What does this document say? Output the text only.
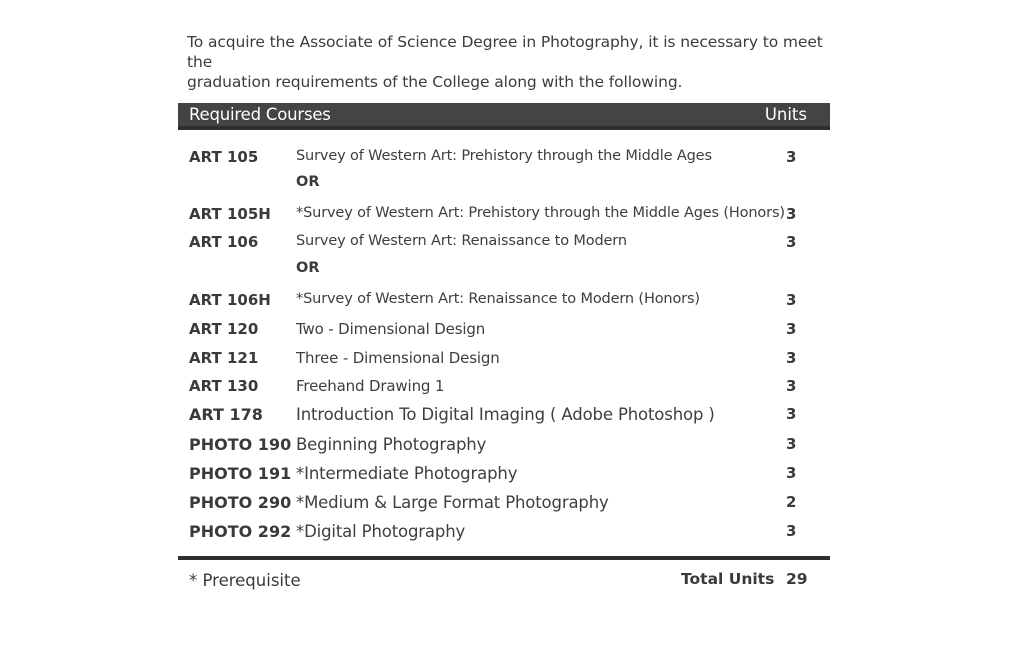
To acquire the Associate of Science Degree in Photography, it is necessary to meet the
graduation requirements of the College along with the following.
Required Courses	Units
ART 105	Survey of Western Art: Prehistory through the Middle Ages	3
OR
ART 105H *Survey of Western Art: Prehistory through the Middle Ages (Honors) 3
ART 106	Survey of Western Art: Renaissance to Modern	3
OR
ART 106H *Survey of Western Art: Renaissance to Modern (Honors)	3
ART 120	Two - Dimensional Design	3
ART 121	Three - Dimensional Design	3
ART 130	Freehand Drawing 1	3
ART 178 Introduction To Digital Imaging ( Adobe Photoshop )	3
PHOTO 190 Beginning Photography	3
PHOTO 191 *Intermediate Photography	3
PHOTO 290 *Medium & Large Format Photography	2
PHOTO 292 *Digital Photography	3
* Prerequisite	Total Units 29
